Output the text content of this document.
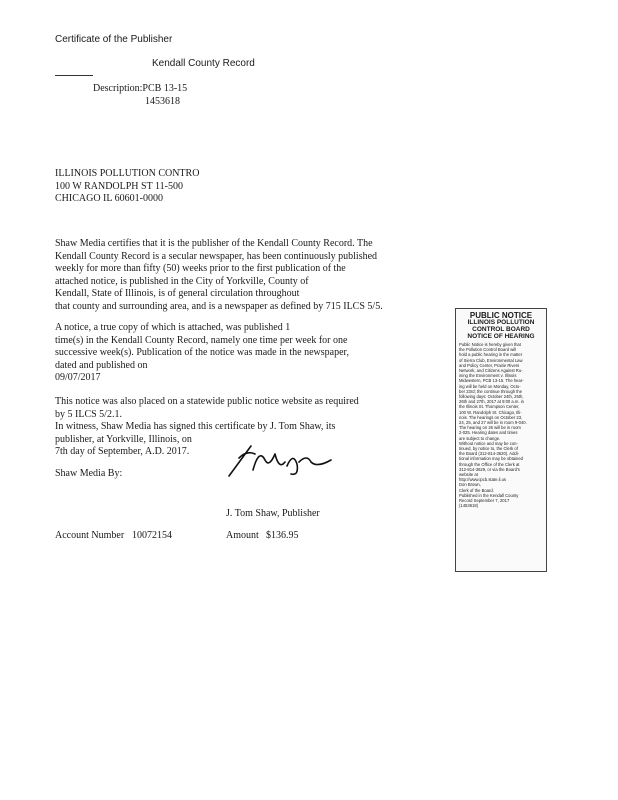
Certificate of the Publisher
Kendall County Record
Description:PCB 13-15
1453618
ILLINOIS POLLUTION CONTRO
100 W RANDOLPH ST 11-500
CHICAGO IL 60601-0000
Shaw Media certifies that it is the publisher of the Kendall County Record. The
Kendall County Record is a secular newspaper, has been continuously published
weekly for more than fifty (50) weeks prior to the first publication of the
attached notice, is published in the City of Yorkville, County of
Kendall, State of Illinois, is of general circulation throughout
that county and surrounding area, and is a newspaper as defined by 715 ILCS 5/5.
A notice, a true copy of which is attached, was published 1
time(s) in the Kendall County Record, namely one time per week for one
successive week(s). Publication of the notice was made in the newspaper,
dated and published on
09/07/2017
This notice was also placed on a statewide public notice website as required
by 5 ILCS 5/2.1.
In witness, Shaw Media has signed this certificate by J. Tom Shaw, its
publisher, at Yorkville, Illinois, on
7th day of September, A.D. 2017.
Shaw Media By:
J. Tom Shaw, Publisher
Account Number 10072154	Amount $136.95
PUBLIC NOTICE
ILLINOIS POLLUTION
CONTROL BOARD
NOTICE OF HEARING
Public Notice is hereby given that
the Pollution Control Board will
hold a public hearing in the matter
of Sierra Club, Environmental Law
and Policy Center, Prairie Rivers
Network, and Citizens Against Ru-
ining the Environment v. Illinois
Midwestern, PCB 13-15. The hear-
ing will be held on Monday, Octo-
ber 23rd; the continue through the
following days: October 24th, 25th,
26th and 27th, 2017 at 9:00 a.m. in
the Illinois St. Thompson Center,
100 W. Randolph St. Chicago, Illi-
nois. The hearings on October 23,
24, 25, and 27 will be in room 9-040.
The hearing on 26 will be in room
2-025. Hearing dates and times
are subject to change.
Without notice and may be con-
tinued, by notice to, the Clerk of
the Board (312-814-3620). Addi-
tional information may be obtained
through the Office of the Clerk at
312-814-3629, or via the Board's
website at
http://www.ipcb.state.il.us
Don Brown,
Clerk of the Board.
Published in the Kendall County
Record September 7, 2017
(1453618)
